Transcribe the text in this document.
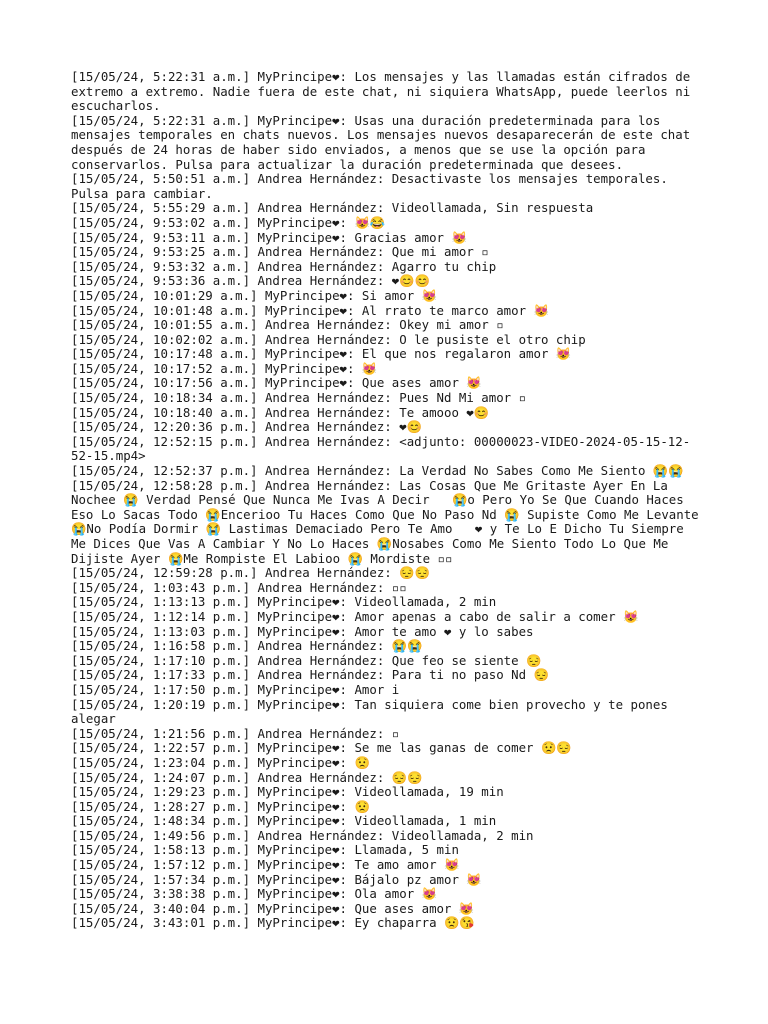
[15/05/24, 5:22:31 a.m.] MyPrincipe❤: Los mensajes y las llamadas están cifrados de extremo a extremo. Nadie fuera de este chat, ni siquiera WhatsApp, puede leerlos ni escucharlos.
[15/05/24, 5:22:31 a.m.] MyPrincipe❤: Usas una duración predeterminada para los mensajes temporales en chats nuevos. Los mensajes nuevos desaparecerán de este chat después de 24 horas de haber sido enviados, a menos que se use la opción para conservarlos. Pulsa para actualizar la duración predeterminada que desees.
[15/05/24, 5:50:51 a.m.] Andrea Hernández: Desactivaste los mensajes temporales. Pulsa para cambiar.
[15/05/24, 5:55:29 a.m.] Andrea Hernández: Videollamada, Sin respuesta
[15/05/24, 9:53:02 a.m.] MyPrincipe❤: 😻😂
[15/05/24, 9:53:11 a.m.] MyPrincipe❤: Gracias amor 😻
[15/05/24, 9:53:25 a.m.] Andrea Hernández: Que mi amor ▫
[15/05/24, 9:53:32 a.m.] Andrea Hernández: Agarro tu chip
[15/05/24, 9:53:36 a.m.] Andrea Hernández: ❤😊😊
[15/05/24, 10:01:29 a.m.] MyPrincipe❤: Si amor 😻
[15/05/24, 10:01:48 a.m.] MyPrincipe❤: Al rrato te marco amor 😻
[15/05/24, 10:01:55 a.m.] Andrea Hernández: Okey mi amor ▫
[15/05/24, 10:02:02 a.m.] Andrea Hernández: O le pusiste el otro chip
[15/05/24, 10:17:48 a.m.] MyPrincipe❤: El que nos regalaron amor 😻
[15/05/24, 10:17:52 a.m.] MyPrincipe❤: 😻
[15/05/24, 10:17:56 a.m.] MyPrincipe❤: Que ases amor 😻
[15/05/24, 10:18:34 a.m.] Andrea Hernández: Pues Nd Mi amor ▫
[15/05/24, 10:18:40 a.m.] Andrea Hernández: Te amooo ❤😊
[15/05/24, 12:20:36 p.m.] Andrea Hernández: ❤😊
[15/05/24, 12:52:15 p.m.] Andrea Hernández: <adjunto: 00000023-VIDEO-2024-05-15-12-52-15.mp4>
[15/05/24, 12:52:37 p.m.] Andrea Hernández: La Verdad No Sabes Como Me Siento 😭😭
[15/05/24, 12:58:28 p.m.] Andrea Hernández: Las Cosas Que Me Gritaste Ayer En La Nochee 😭 Verdad Pensé Que Nunca Me Ivas A Decir   😭o Pero Yo Se Que Cuando Haces Eso Lo Sacas Todo 😭Encerioo Tu Haces Como Que No Paso Nd 😭 Supiste Como Me Levante 😭No Podía Dormir 😭 Lastimas Demaciado Pero Te Amo   ❤ y Te Lo E Dicho Tu Siempre Me Dices Que Vas A Cambiar Y No Lo Haces 😭Nosabes Como Me Siento Todo Lo Que Me Dijiste Ayer 😭Me Rompiste El Labioo 😭 Mordiste ▫▫
[15/05/24, 12:59:28 p.m.] Andrea Hernández: 😔😔
[15/05/24, 1:03:43 p.m.] Andrea Hernández: ▫▫
[15/05/24, 1:13:13 p.m.] MyPrincipe❤: Videollamada, 2 min
[15/05/24, 1:12:14 p.m.] MyPrincipe❤: Amor apenas a cabo de salir a comer 😻
[15/05/24, 1:13:03 p.m.] MyPrincipe❤: Amor te amo ❤ y lo sabes
[15/05/24, 1:16:58 p.m.] Andrea Hernández: 😭😭
[15/05/24, 1:17:10 p.m.] Andrea Hernández: Que feo se siente 😔
[15/05/24, 1:17:33 p.m.] Andrea Hernández: Para ti no paso Nd 😔
[15/05/24, 1:17:50 p.m.] MyPrincipe❤: Amor i
[15/05/24, 1:20:19 p.m.] MyPrincipe❤: Tan siquiera come bien provecho y te pones alegar
[15/05/24, 1:21:56 p.m.] Andrea Hernández: ▫
[15/05/24, 1:22:57 p.m.] MyPrincipe❤: Se me las ganas de comer 😟😔
[15/05/24, 1:23:04 p.m.] MyPrincipe❤: 😟
[15/05/24, 1:24:07 p.m.] Andrea Hernández: 😔😔
[15/05/24, 1:29:23 p.m.] MyPrincipe❤: Videollamada, 19 min
[15/05/24, 1:28:27 p.m.] MyPrincipe❤: 😟
[15/05/24, 1:48:34 p.m.] MyPrincipe❤: Videollamada, 1 min
[15/05/24, 1:49:56 p.m.] Andrea Hernández: Videollamada, 2 min
[15/05/24, 1:58:13 p.m.] MyPrincipe❤: Llamada, 5 min
[15/05/24, 1:57:12 p.m.] MyPrincipe❤: Te amo amor 😻
[15/05/24, 1:57:34 p.m.] MyPrincipe❤: Bájalo pz amor 😻
[15/05/24, 3:38:38 p.m.] MyPrincipe❤: Ola amor 😻
[15/05/24, 3:40:04 p.m.] MyPrincipe❤: Que ases amor 😻
[15/05/24, 3:43:01 p.m.] MyPrincipe❤: Ey chaparra 😟😘
